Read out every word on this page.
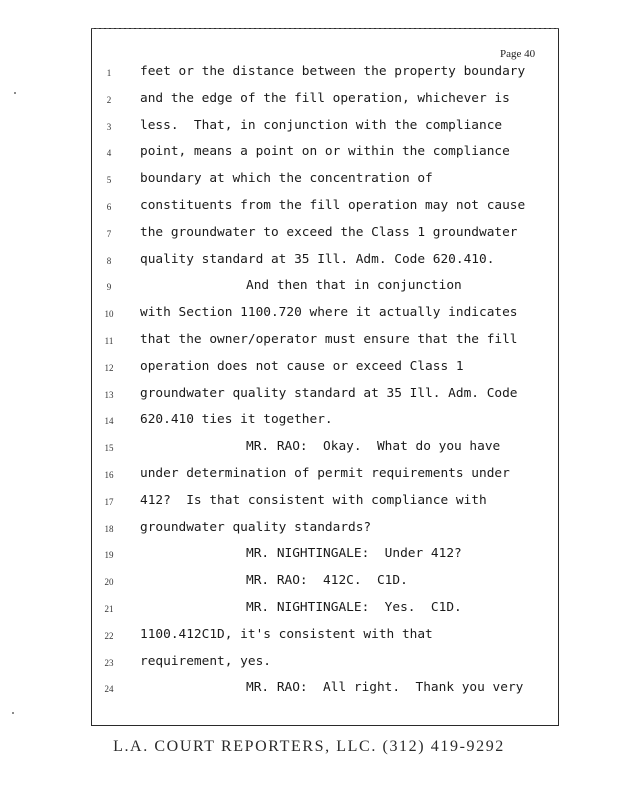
Page 40
1	feet or the distance between the property boundary
2	and the edge of the fill operation, whichever is
3	less.  That, in conjunction with the compliance
4	point, means a point on or within the compliance
5	boundary at which the concentration of
6	constituents from the fill operation may not cause
7	the groundwater to exceed the Class 1 groundwater
8	quality standard at 35 Ill. Adm. Code 620.410.
9	And then that in conjunction
10	with Section 1100.720 where it actually indicates
11	that the owner/operator must ensure that the fill
12	operation does not cause or exceed Class 1
13	groundwater quality standard at 35 Ill. Adm. Code
14	620.410 ties it together.
15	MR. RAO:  Okay.  What do you have
16	under determination of permit requirements under
17	412?  Is that consistent with compliance with
18	groundwater quality standards?
19	MR. NIGHTINGALE:  Under 412?
20	MR. RAO:  412C.  C1D.
21	MR. NIGHTINGALE:  Yes.  C1D.
22	1100.412C1D, it's consistent with that
23	requirement, yes.
24	MR. RAO:  All right.  Thank you very
L.A. COURT REPORTERS, LLC. (312) 419-9292
